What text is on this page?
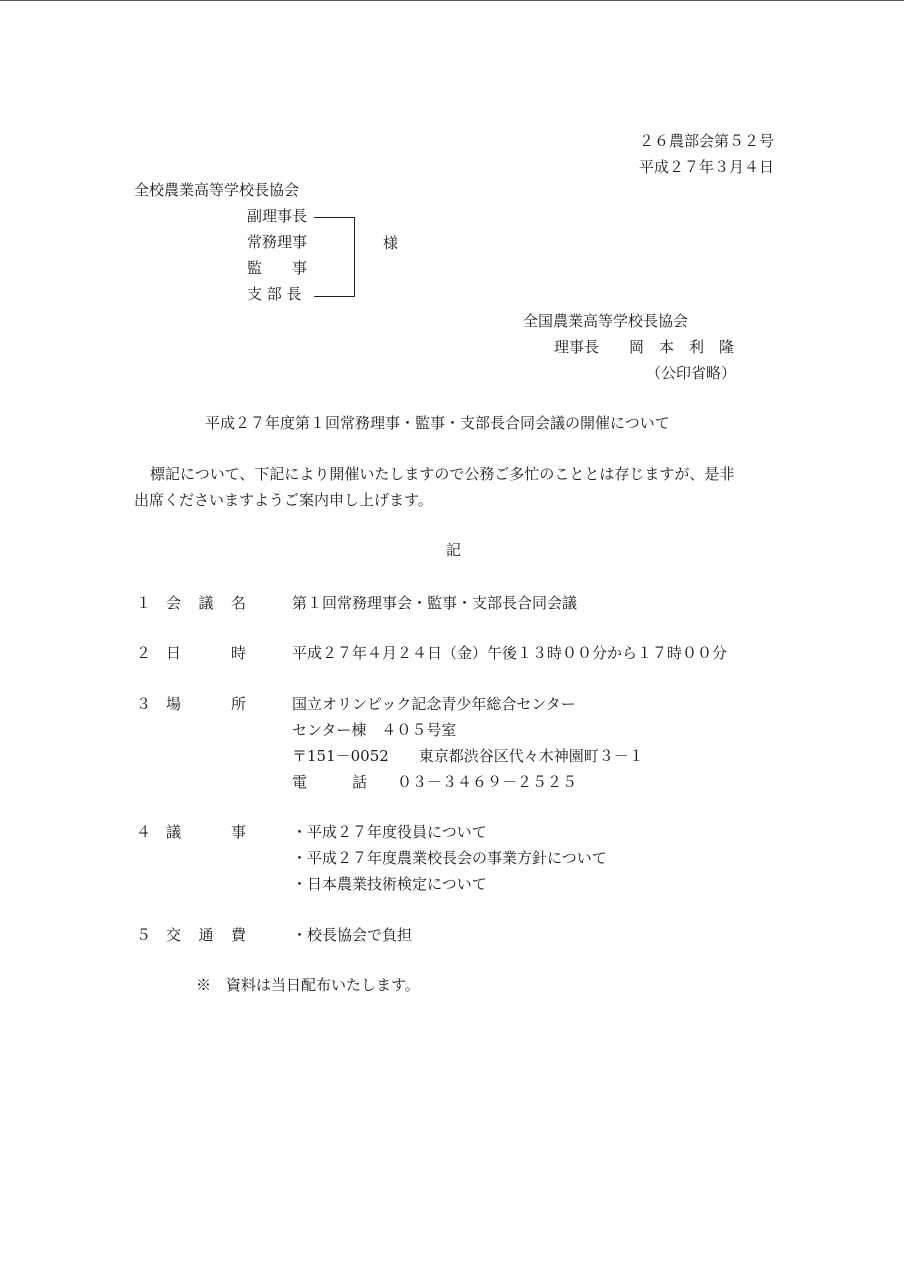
２６農部会第５２号
平成２７年３月４日
全校農業高等学校長協会
副理事長
常務理事
監　　事
支 部 長
様
全国農業高等学校長協会
理事長　　岡　本　利　隆
（公印省略）
平成２７年度第１回常務理事・監事・支部長合同会議の開催について
標記について、下記により開催いたしますので公務ご多忙のこととは存じますが、是非
出席くださいますようご案内申し上げます。
記
１ 会 議 名	第１回常務理事会・監事・支部長合同会議
２ 日	時	平成２７年４月２４日（金）午後１３時００分から１７時００分
３ 場	所	国立オリンピック記念青少年総合センター
センター棟　４０５号室
〒151－0052　　東京都渋谷区代々木神園町３－１
電　　　話　　０３－３４６９－２５２５
４ 議	事	・平成２７年度役員について
・平成２７年度農業校長会の事業方針について
・日本農業技術検定について
５ 交 通 費	・校長協会で負担
※　資料は当日配布いたします。
